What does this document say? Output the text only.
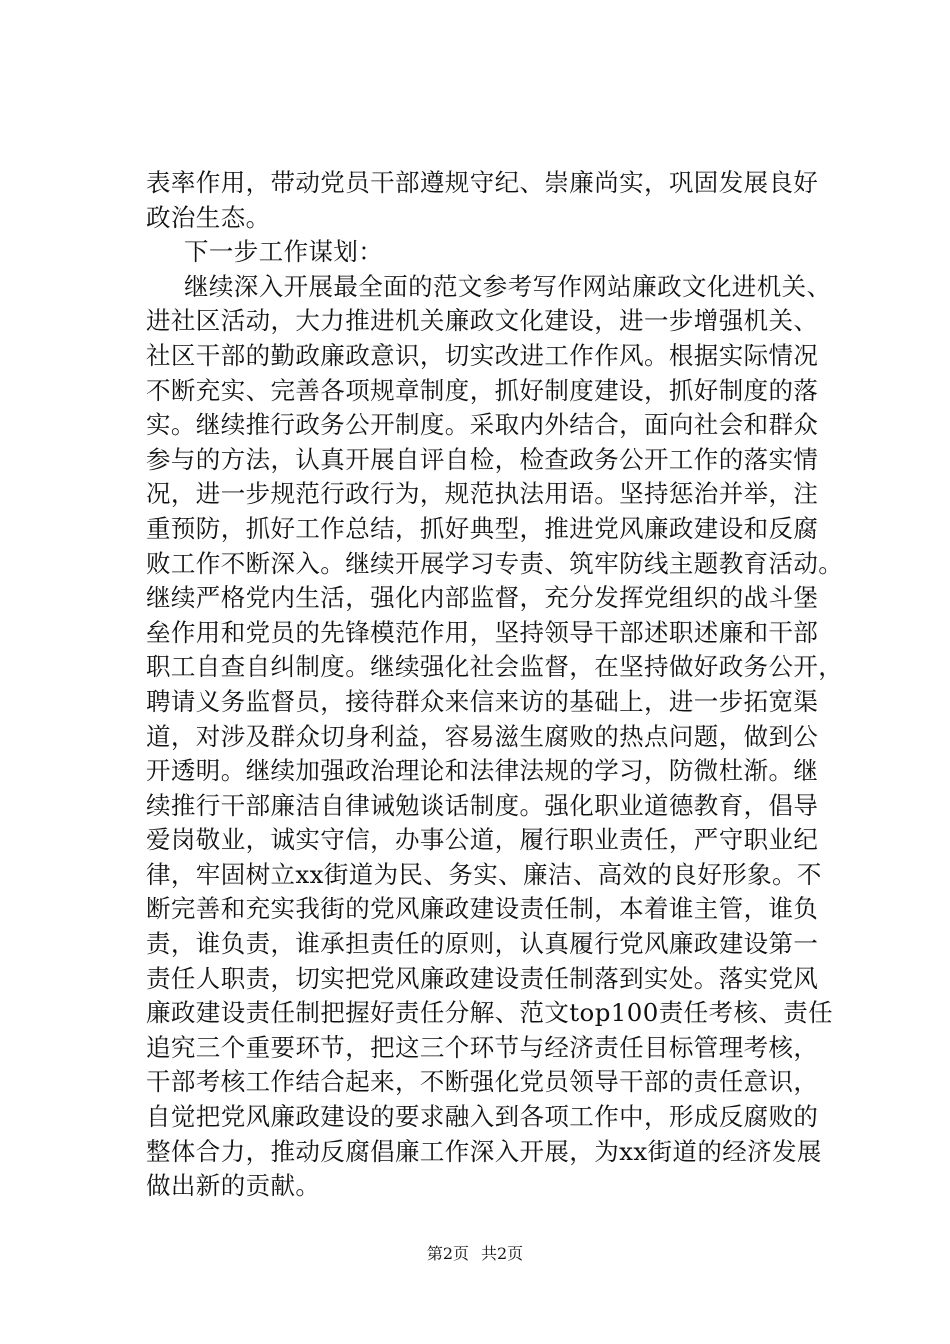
表率作用，带动党员干部遵规守纪、崇廉尚实，巩固发展良好
政治生态。
下一步工作谋划：
继续深入开展最全面的范文参考写作网站廉政文化进机关、
进社区活动，大力推进机关廉政文化建设，进一步增强机关、
社区干部的勤政廉政意识，切实改进工作作风。根据实际情况
不断充实、完善各项规章制度，抓好制度建设，抓好制度的落
实。继续推行政务公开制度。采取内外结合，面向社会和群众
参与的方法，认真开展自评自检，检查政务公开工作的落实情
况，进一步规范行政行为，规范执法用语。坚持惩治并举，注
重预防，抓好工作总结，抓好典型，推进党风廉政建设和反腐
败工作不断深入。继续开展学习专责、筑牢防线主题教育活动。
继续严格党内生活，强化内部监督，充分发挥党组织的战斗堡
垒作用和党员的先锋模范作用，坚持领导干部述职述廉和干部
职工自查自纠制度。继续强化社会监督，在坚持做好政务公开，
聘请义务监督员，接待群众来信来访的基础上，进一步拓宽渠
道，对涉及群众切身利益，容易滋生腐败的热点问题，做到公
开透明。继续加强政治理论和法律法规的学习，防微杜渐。继
续推行干部廉洁自律诫勉谈话制度。强化职业道德教育，倡导
爱岗敬业，诚实守信，办事公道，履行职业责任，严守职业纪
律，牢固树立xx街道为民、务实、廉洁、高效的良好形象。不
断完善和充实我街的党风廉政建设责任制，本着谁主管，谁负
责，谁负责，谁承担责任的原则，认真履行党风廉政建设第一
责任人职责，切实把党风廉政建设责任制落到实处。落实党风
廉政建设责任制把握好责任分解、范文top100责任考核、责任
追究三个重要环节，把这三个环节与经济责任目标管理考核，
干部考核工作结合起来，不断强化党员领导干部的责任意识，
自觉把党风廉政建设的要求融入到各项工作中，形成反腐败的
整体合力，推动反腐倡廉工作深入开展，为xx街道的经济发展
做出新的贡献。
第2页 共2页
